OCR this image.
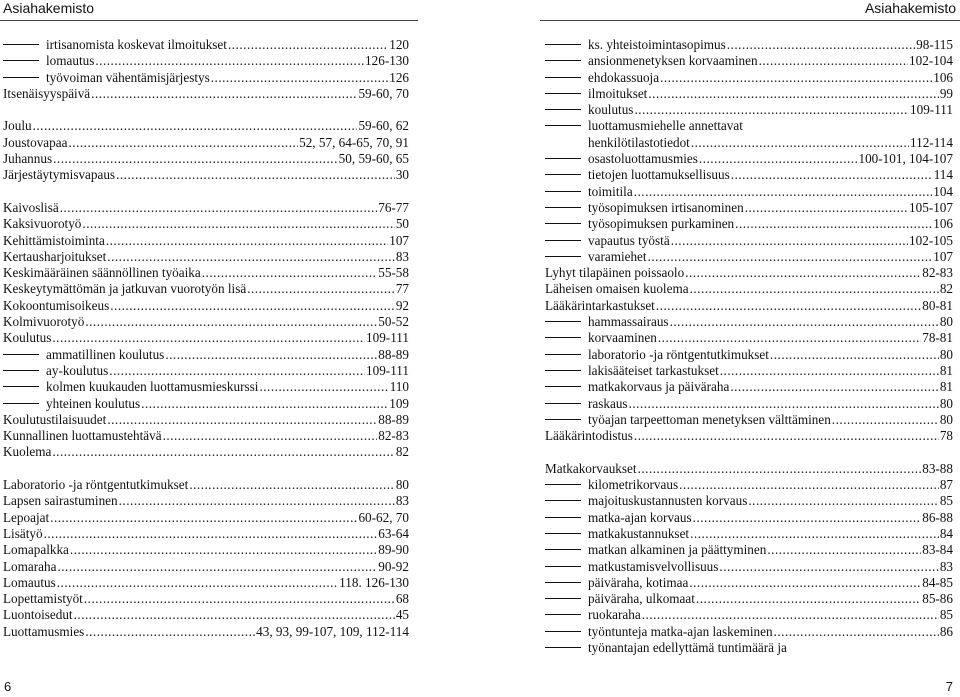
Asiahakemisto	Asiahakemisto
irtisanomista koskevat ilmoitukset .....	120
lomautus .....	126-130
työvoiman vähentämisjärjestys .....	126
Itsenäisyyspäivä .....	59-60, 70
Joulu .....	59-60, 62
Joustovapaa .....	52, 57, 64-65, 70, 91
Juhannus .....	50, 59-60, 65
Järjestäytymisvapaus .....	30
Kaivoslisä .....	76-77
Kaksivuorotyö .....	50
Kehittämistoiminta .....	107
Kertausharjoitukset .....	83
Keskimääräinen säännöllinen työaika .....	55-58
Keskeytymättömän ja jatkuvan vuorotyön lisä .....	77
Kokoontumisoikeus .....	92
Kolmivuorotyö .....	50-52
Koulutus .....	109-111
ammatillinen koulutus .....	88-89
ay-koulutus .....	109-111
kolmen kuukauden luottamusmieskurssi .....	110
yhteinen koulutus .....	109
Koulutustilaisuudet .....	88-89
Kunnallinen luottamustehtävä .....	82-83
Kuolema .....	82
Laboratorio -ja röntgentutkimukset .....	80
Lapsen sairastuminen .....	83
Lepoajat .....	60-62, 70
Lisätyö .....	63-64
Lomapalkka .....	89-90
Lomaraha .....	90-92
Lomautus .....	118. 126-130
Lopettamistyöt .....	68
Luontoisedut .....	45
Luottamusmies .....	43, 93, 99-107, 109, 112-114
ks. yhteistoimintasopimus .....	98-115
ansionmenetyksen korvaaminen .....	102-104
ehdokassuoja .....	106
ilmoitukset .....	99
koulutus .....	109-111
luottamusmiehelle annettavat
henkilötilastotiedot .....	112-114
osastoluottamusmies .....	100-101, 104-107
tietojen luottamuksellisuus .....	114
toimitila .....	104
työsopimuksen irtisanominen .....	105-107
työsopimuksen purkaminen .....	106
vapautus työstä .....	102-105
varamiehet .....	107
Lyhyt tilapäinen poissaolo .....	82-83
Läheisen omaisen kuolema .....	82
Lääkärintarkastukset .....	80-81
hammassairaus .....	80
korvaaminen .....	78-81
laboratorio -ja röntgentutkimukset .....	80
lakisääteiset tarkastukset .....	81
matkakorvaus ja päiväraha .....	81
raskaus .....	80
työajan tarpeettoman menetyksen välttäminen .....	80
Lääkärintodistus .....	78
Matkakorvaukset .....	83-88
kilometrikorvaus .....	87
majoituskustannusten korvaus .....	85
matka-ajan korvaus .....	86-88
matkakustannukset .....	84
matkan alkaminen ja päättyminen .....	83-84
matkustamisvelvollisuus .....	83
päiväraha, kotimaa .....	84-85
päiväraha, ulkomaat .....	85-86
ruokaraha .....	85
työntunteja matka-ajan laskeminen .....	86
työnantajan edellyttämä tuntimäärä ja
6	7
